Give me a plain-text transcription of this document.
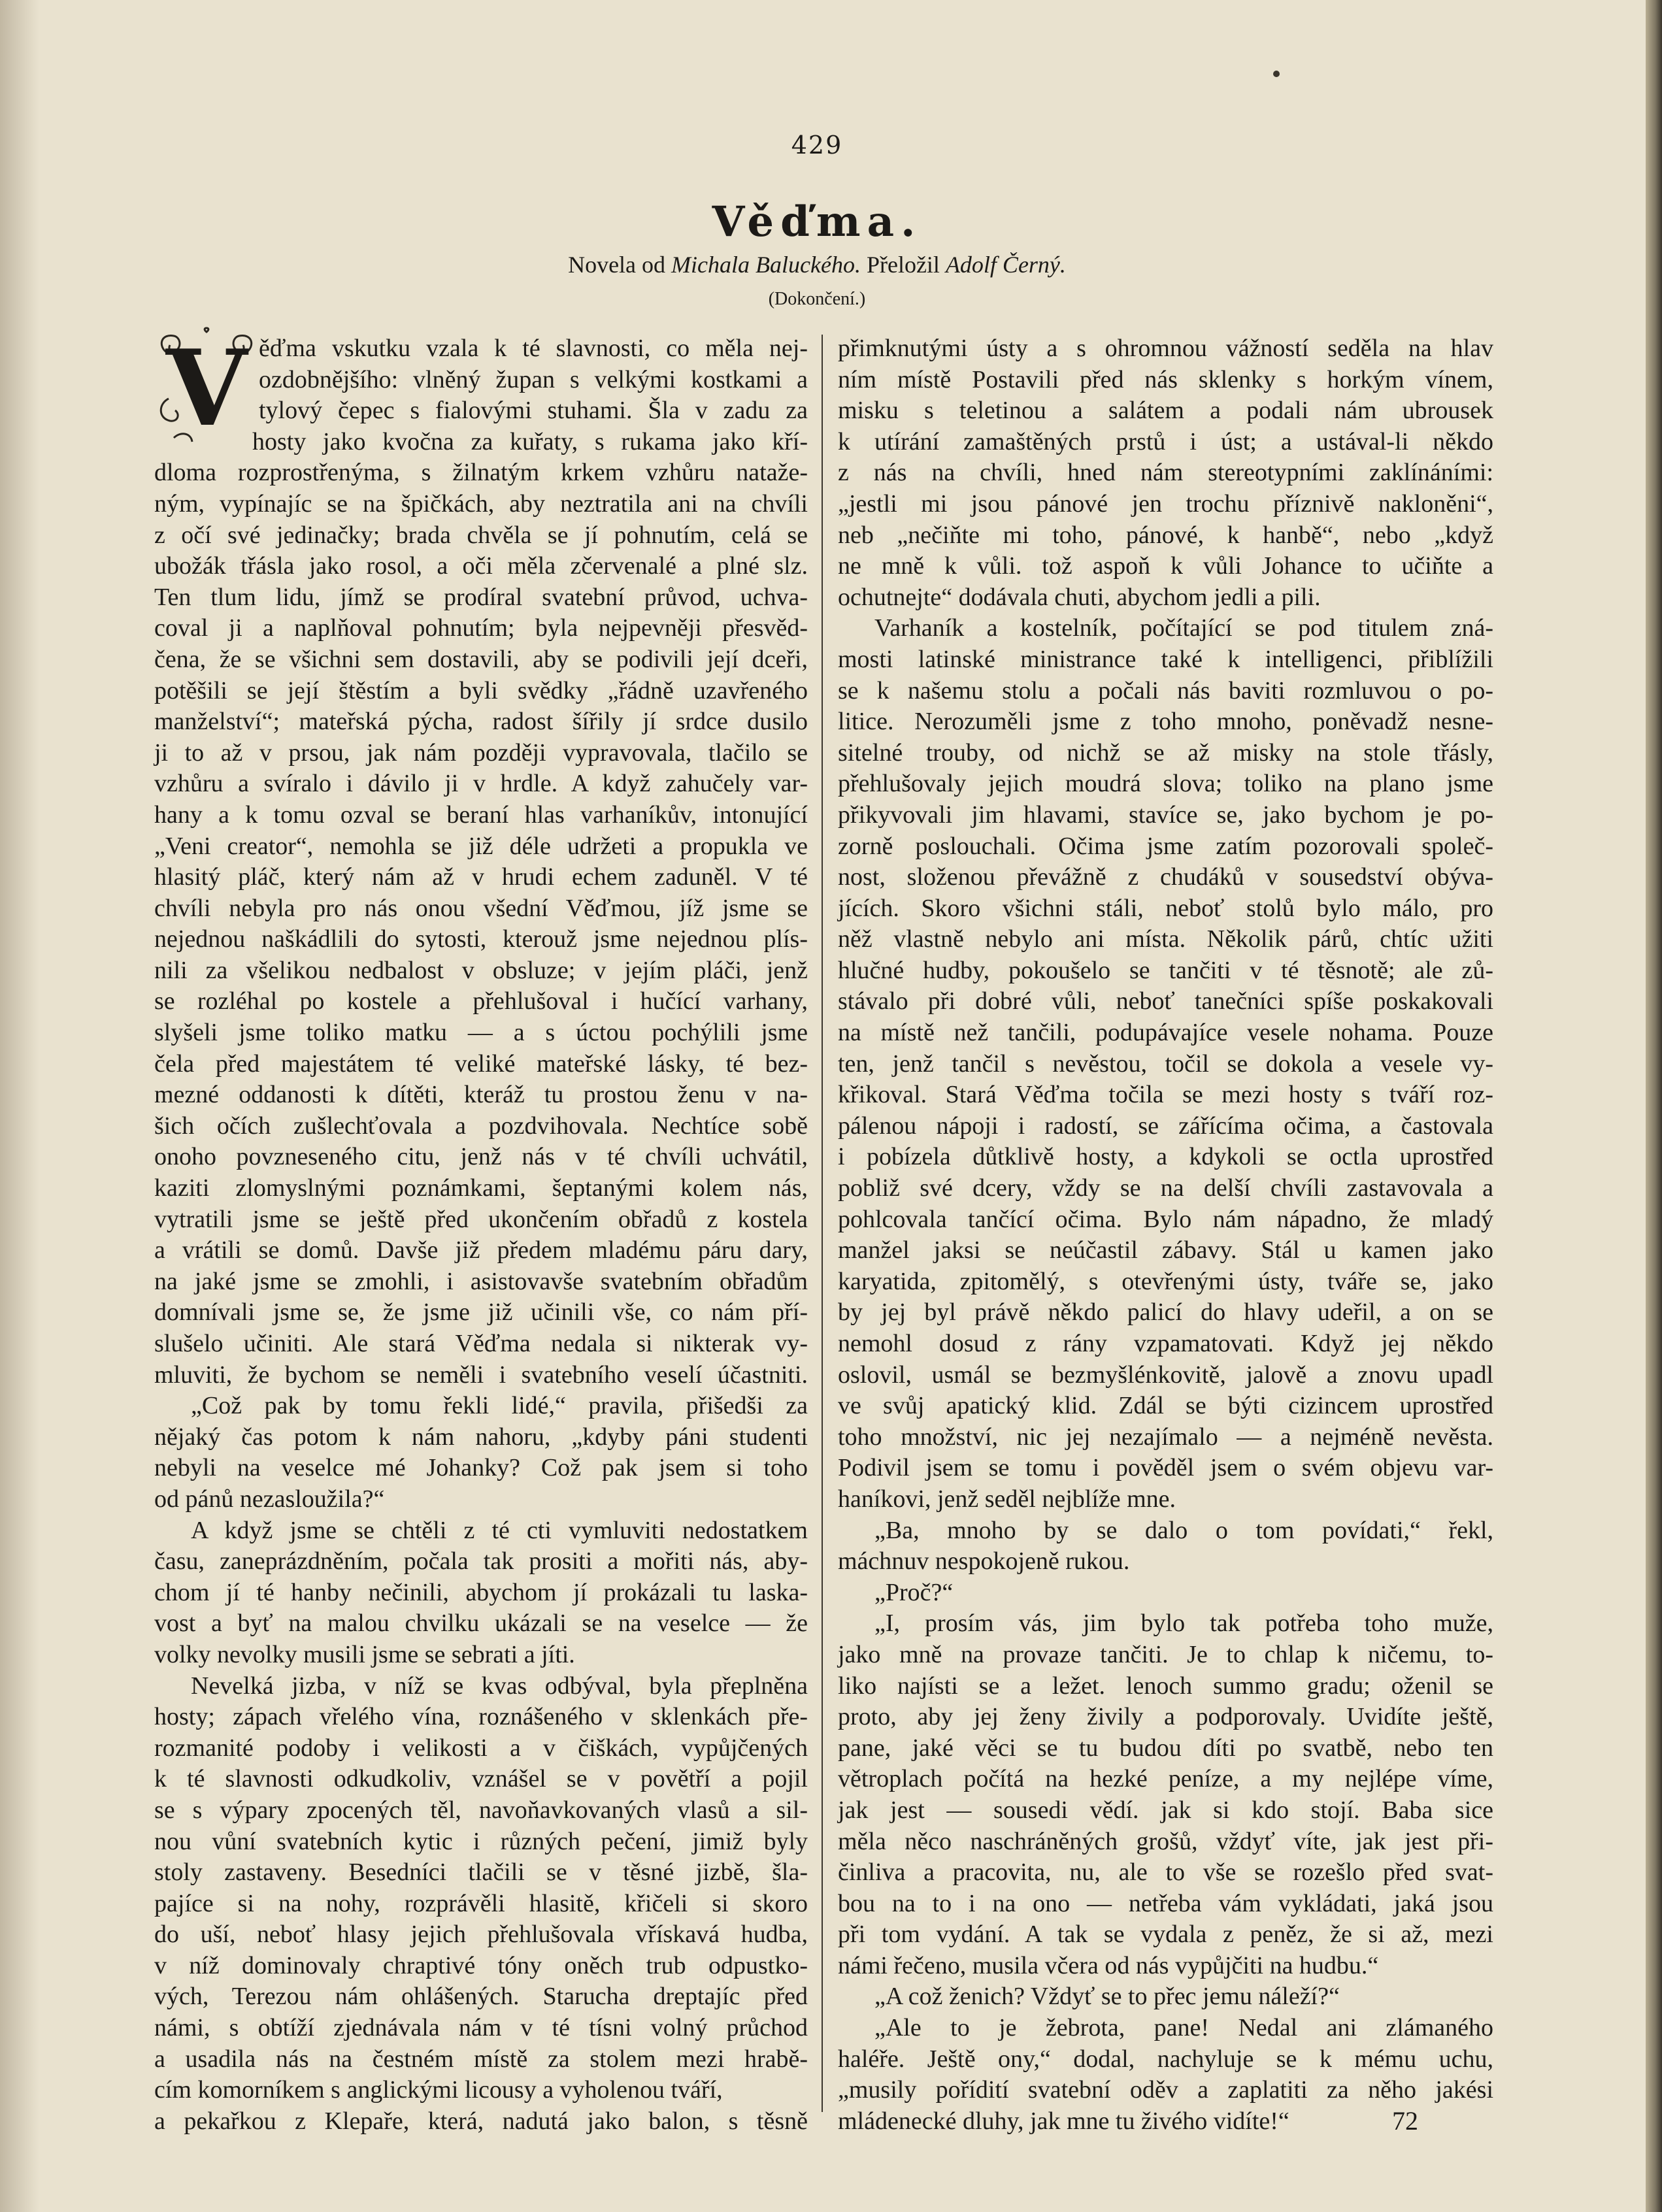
429
Věďma.
Novela od Michala Baluckého. Přeložil Adolf Černý.
(Dokončení.)
V ěďma vskutku vzala k té slavnosti, co měla nej-
ozdobnějšího: vlněný župan s velkými kostkami a
tylový čepec s fialovými stuhami. Šla v zadu za
hosty jako kvočna za kuřaty, s rukama jako kří-
dloma rozprostřenýma, s žilnatým krkem vzhůru nataže-
ným, vypínajíc se na špičkách, aby neztratila ani na chvíli
z očí své jedinačky; brada chvěla se jí pohnutím, celá se
ubožák třásla jako rosol, a oči měla zčervenalé a plné slz.
Ten tlum lidu, jímž se prodíral svatební průvod, uchva-
coval ji a naplňoval pohnutím; byla nejpevněji přesvěd-
čena, že se všichni sem dostavili, aby se podivili její dceři,
potěšili se její štěstím a byli svědky „řádně uzavřeného
manželství“; mateřská pýcha, radost šířily jí srdce dusilo
ji to až v prsou, jak nám později vypravovala, tlačilo se
vzhůru a svíralo i dávilo ji v hrdle. A když zahučely var-
hany a k tomu ozval se beraní hlas varhaníkův, intonující
„Veni creator“, nemohla se již déle udržeti a propukla ve
hlasitý pláč, který nám až v hrudi echem zaduněl. V té
chvíli nebyla pro nás onou všední Věďmou, jíž jsme se
nejednou naškádlili do sytosti, kterouž jsme nejednou plís-
nili za všelikou nedbalost v obsluze; v jejím pláči, jenž
se rozléhal po kostele a přehlušoval i hučící varhany,
slyšeli jsme toliko matku — a s úctou pochýlili jsme
čela před majestátem té veliké mateřské lásky, té bez-
mezné oddanosti k dítěti, kteráž tu prostou ženu v na-
šich očích zušlechťovala a pozdvihovala. Nechtíce sobě
onoho povzneseného citu, jenž nás v té chvíli uchvátil,
kaziti zlomyslnými poznámkami, šeptanými kolem nás,
vytratili jsme se ještě před ukončením obřadů z kostela
a vrátili se domů. Davše již předem mladému páru dary,
na jaké jsme se zmohli, i asistovavše svatebním obřadům
domnívali jsme se, že jsme již učinili vše, co nám pří-
slušelo učiniti. Ale stará Věďma nedala si nikterak vy-
mluviti, že bychom se neměli i svatebního veselí účastniti.
„Což pak by tomu řekli lidé,“ pravila, přišedši za
nějaký čas potom k nám nahoru, „kdyby páni studenti
nebyli na veselce mé Johanky? Což pak jsem si toho
od pánů nezasloužila?“
A když jsme se chtěli z té cti vymluviti nedostatkem
času, zaneprázdněním, počala tak prositi a mořiti nás, aby-
chom jí té hanby nečinili, abychom jí prokázali tu laska-
vost a byť na malou chvilku ukázali se na veselce — že
volky nevolky musili jsme se sebrati a jíti.
Nevelká jizba, v níž se kvas odbýval, byla přeplněna
hosty; zápach vřelého vína, roznášeného v sklenkách pře-
rozmanité podoby i velikosti a v čiškách, vypůjčených
k té slavnosti odkudkoliv, vznášel se v povětří a pojil
se s výpary zpocených těl, navoňavkovaných vlasů a sil-
nou vůní svatebních kytic i různých pečení, jimiž byly
stoly zastaveny. Besedníci tlačili se v těsné jizbě, šla-
pajíce si na nohy, rozprávěli hlasitě, křičeli si skoro
do uší, neboť hlasy jejich přehlušovala vřískavá hudba,
v níž dominovaly chraptivé tóny oněch trub odpustko-
vých, Terezou nám ohlášených. Starucha dreptajíc před
námi, s obtíží zjednávala nám v té tísni volný průchod
a usadila nás na čestném místě za stolem mezi hrabě-
cím komorníkem s anglickými licousy a vyholenou tváří,
a pekařkou z Klepaře, která, nadutá jako balon, s těsně
přimknutými ústy a s ohromnou vážností seděla na hlav
ním místě Postavili před nás sklenky s horkým vínem,
misku s teletinou a salátem a podali nám ubrousek
k utírání zamaštěných prstů i úst; a ustával-li někdo
z nás na chvíli, hned nám stereotypními zaklínáními:
„jestli mi jsou pánové jen trochu příznivě nakloněni“,
neb „nečiňte mi toho, pánové, k hanbě“, nebo „když
ne mně k vůli. tož aspoň k vůli Johance to učiňte a
ochutnejte“ dodávala chuti, abychom jedli a pili.
Varhaník a kostelník, počítající se pod titulem zná-
mosti latinské ministrance také k intelligenci, přiblížili
se k našemu stolu a počali nás baviti rozmluvou o po-
litice. Nerozuměli jsme z toho mnoho, poněvadž nesne-
sitelné trouby, od nichž se až misky na stole třásly,
přehlušovaly jejich moudrá slova; toliko na plano jsme
přikyvovali jim hlavami, stavíce se, jako bychom je po-
zorně poslouchali. Očima jsme zatím pozorovali společ-
nost, složenou převážně z chudáků v sousedství obýva-
jících. Skoro všichni stáli, neboť stolů bylo málo, pro
něž vlastně nebylo ani místa. Několik párů, chtíc užiti
hlučné hudby, pokoušelo se tančiti v té těsnotě; ale zů-
stávalo při dobré vůli, neboť tanečníci spíše poskakovali
na místě než tančili, podupávajíce vesele nohama. Pouze
ten, jenž tančil s nevěstou, točil se dokola a vesele vy-
křikoval. Stará Věďma točila se mezi hosty s tváří roz-
pálenou nápoji i radostí, se zářícíma očima, a častovala
i pobízela důtklivě hosty, a kdykoli se octla uprostřed
pobliž své dcery, vždy se na delší chvíli zastavovala a
pohlcovala tančící očima. Bylo nám nápadno, že mladý
manžel jaksi se neúčastil zábavy. Stál u kamen jako
karyatida, zpitomělý, s otevřenými ústy, tváře se, jako
by jej byl právě někdo palicí do hlavy udeřil, a on se
nemohl dosud z rány vzpamatovati. Když jej někdo
oslovil, usmál se bezmyšlénkovitě, jalově a znovu upadl
ve svůj apatický klid. Zdál se býti cizincem uprostřed
toho množství, nic jej nezajímalo — a nejméně nevěsta.
Podivil jsem se tomu i pověděl jsem o svém objevu var-
haníkovi, jenž seděl nejblíže mne.
„Ba, mnoho by se dalo o tom povídati,“ řekl,
máchnuv nespokojeně rukou.
„Proč?“
„I, prosím vás, jim bylo tak potřeba toho muže,
jako mně na provaze tančiti. Je to chlap k ničemu, to-
liko najísti se a ležet. lenoch summo gradu; oženil se
proto, aby jej ženy živily a podporovaly. Uvidíte ještě,
pane, jaké věci se tu budou díti po svatbě, nebo ten
větroplach počítá na hezké peníze, a my nejlépe víme,
jak jest — sousedi vědí. jak si kdo stojí. Baba sice
měla něco naschráněných grošů, vždyť víte, jak jest při-
činliva a pracovita, nu, ale to vše se rozešlo před svat-
bou na to i na ono — netřeba vám vykládati, jaká jsou
při tom vydání. A tak se vydala z peněz, že si až, mezi
námi řečeno, musila včera od nás vypůjčiti na hudbu.“
„A což ženich? Vždyť se to přec jemu náleží?“
„Ale to je žebrota, pane! Nedal ani zlámaného
haléře. Ještě ony,“ dodal, nachyluje se k mému uchu,
„musily pořídití svatební oděv a zaplatiti za něho jakési
mládenecké dluhy, jak mne tu živého vidíte!“	72
